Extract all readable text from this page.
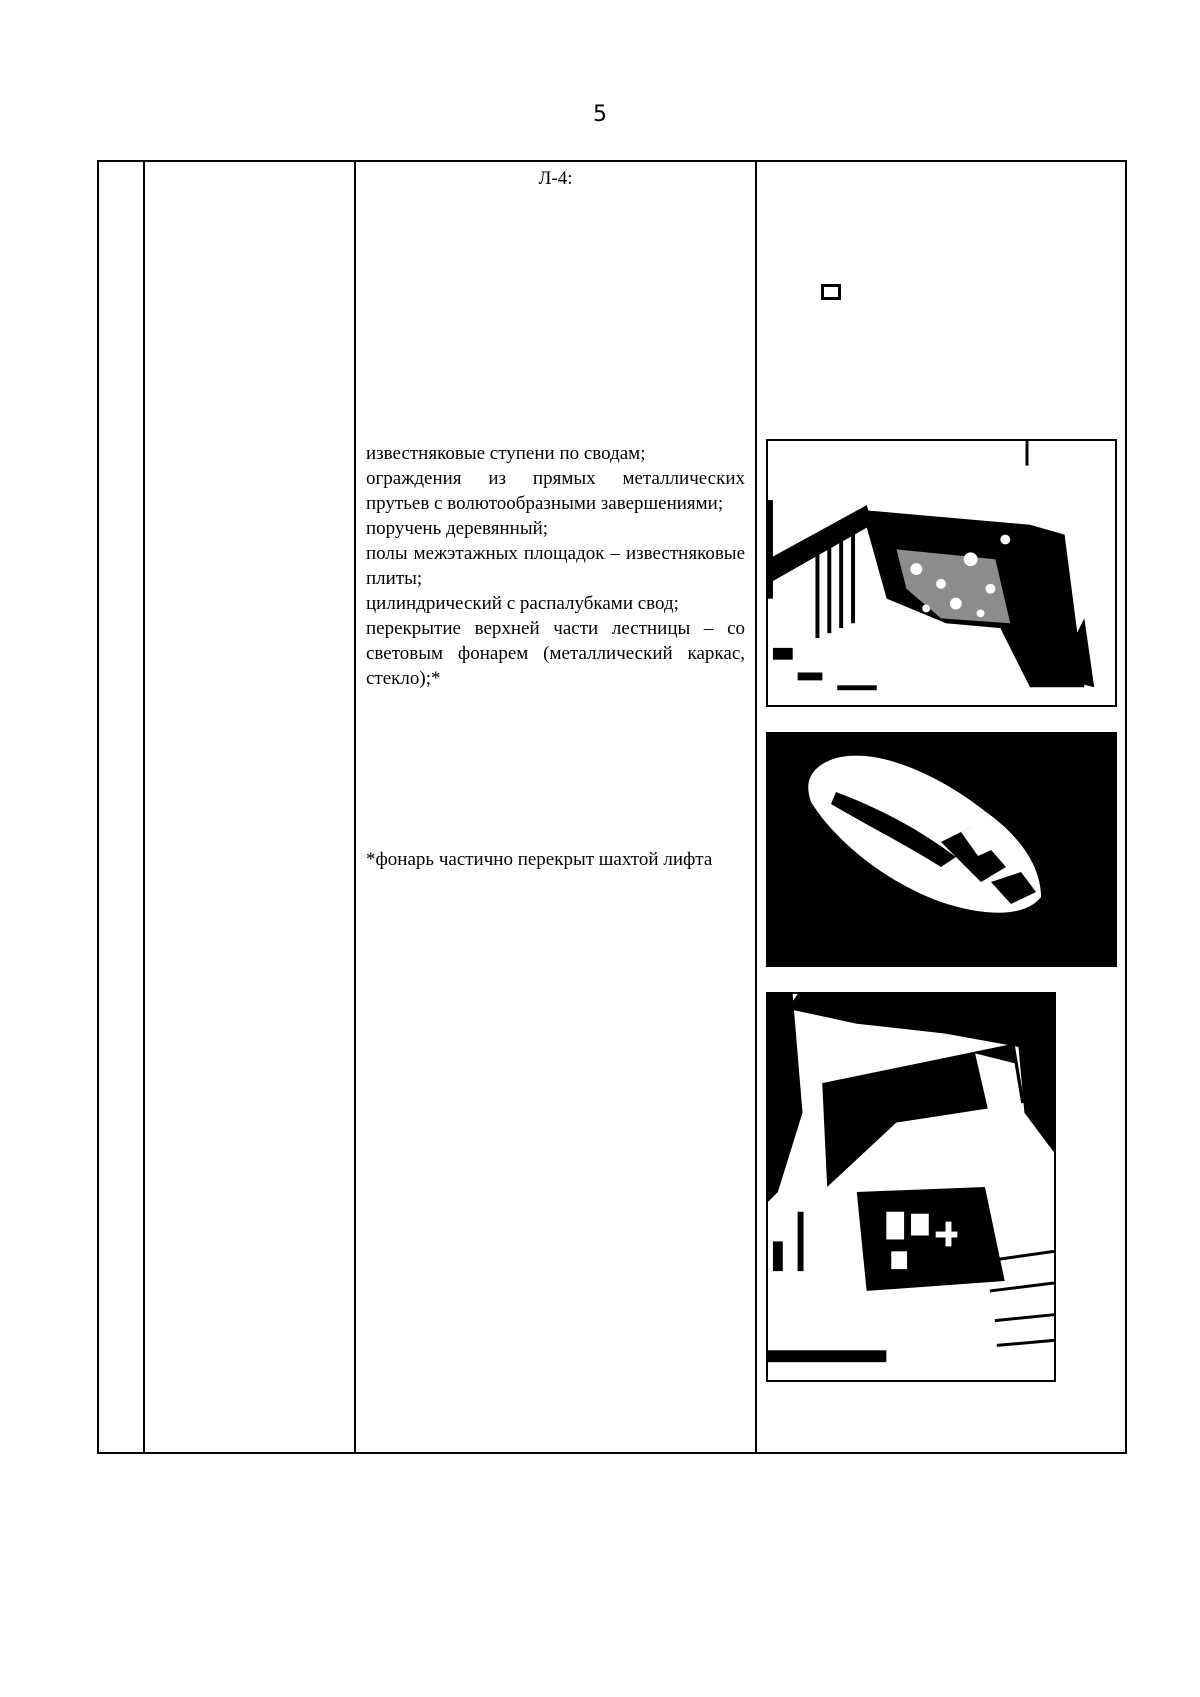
5
Л-4:

известняковые ступени по сводам;

ограждения из прямых металлических прутьев с волютообразными завершениями;

поручень деревянный;

полы межэтажных площадок – известняковые плиты;

цилиндрический с распалубками свод;

перекрытие верхней части лестницы – со световым фонарем (металлический каркас, стекло);*

*фонарь частично перекрыт шахтой лифта
